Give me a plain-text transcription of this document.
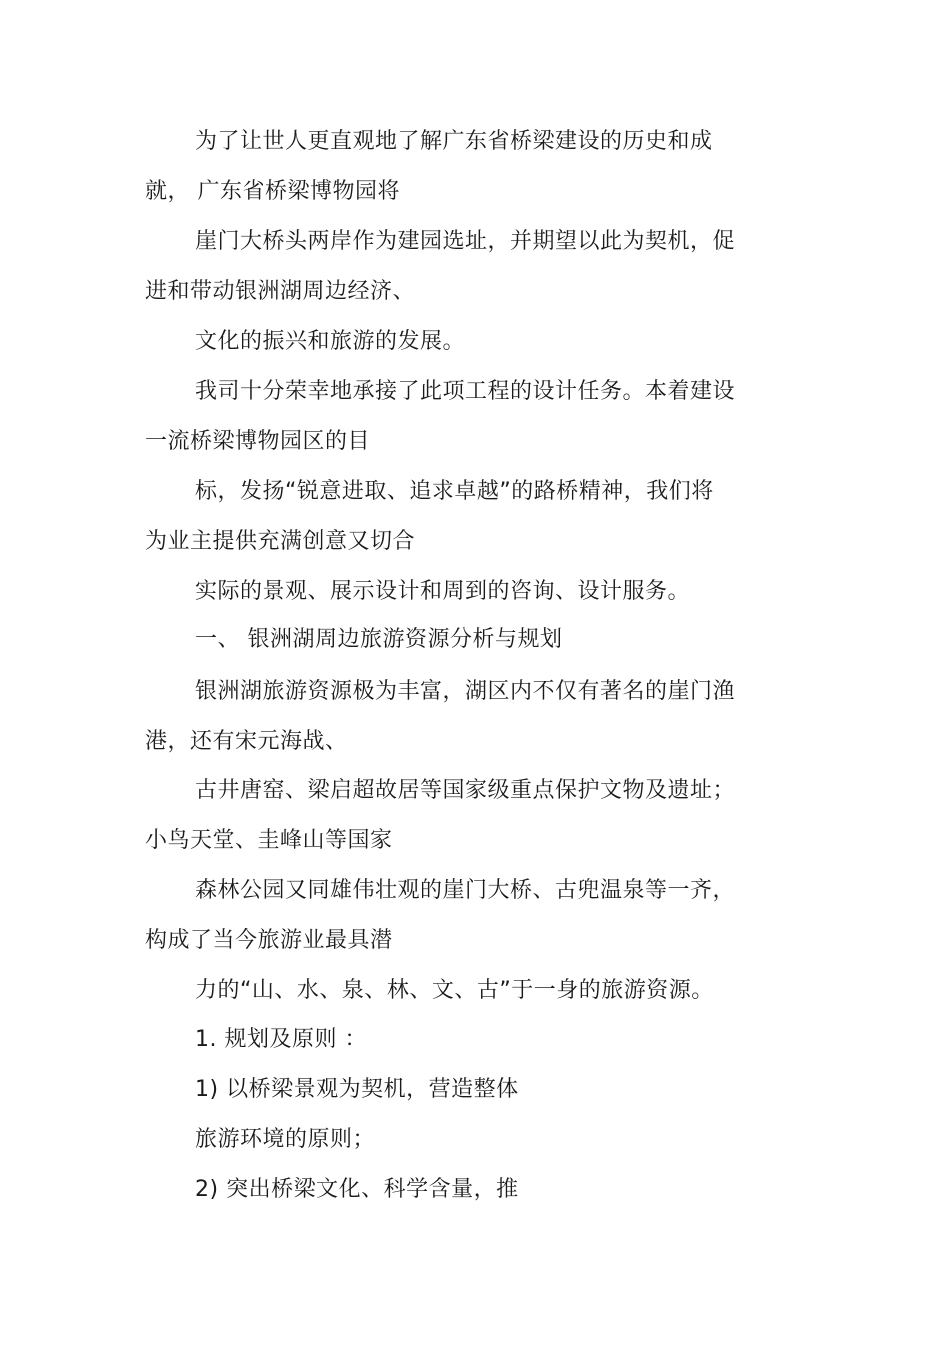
为了让世人更直观地了解广东省桥梁建设的历史和成
就， 广东省桥梁博物园将
崖门大桥头两岸作为建园选址，并期望以此为契机，促
进和带动银洲湖周边经济、
文化的振兴和旅游的发展。
我司十分荣幸地承接了此项工程的设计任务。本着建设
一流桥梁博物园区的目
标，发扬“锐意进取、追求卓越”的路桥精神，我们将
为业主提供充满创意又切合
实际的景观、展示设计和周到的咨询、设计服务。
一、 银洲湖周边旅游资源分析与规划
银洲湖旅游资源极为丰富，湖区内不仅有著名的崖门渔
港，还有宋元海战、
古井唐窑、梁启超故居等国家级重点保护文物及遗址；
小鸟天堂、圭峰山等国家
森林公园又同雄伟壮观的崖门大桥、古兜温泉等一齐，
构成了当今旅游业最具潜
力的“山、水、泉、林、文、古”于一身的旅游资源。
1. 规划及原则 ：
1) 以桥梁景观为契机，营造整体
旅游环境的原则；
2) 突出桥梁文化、科学含量，推
